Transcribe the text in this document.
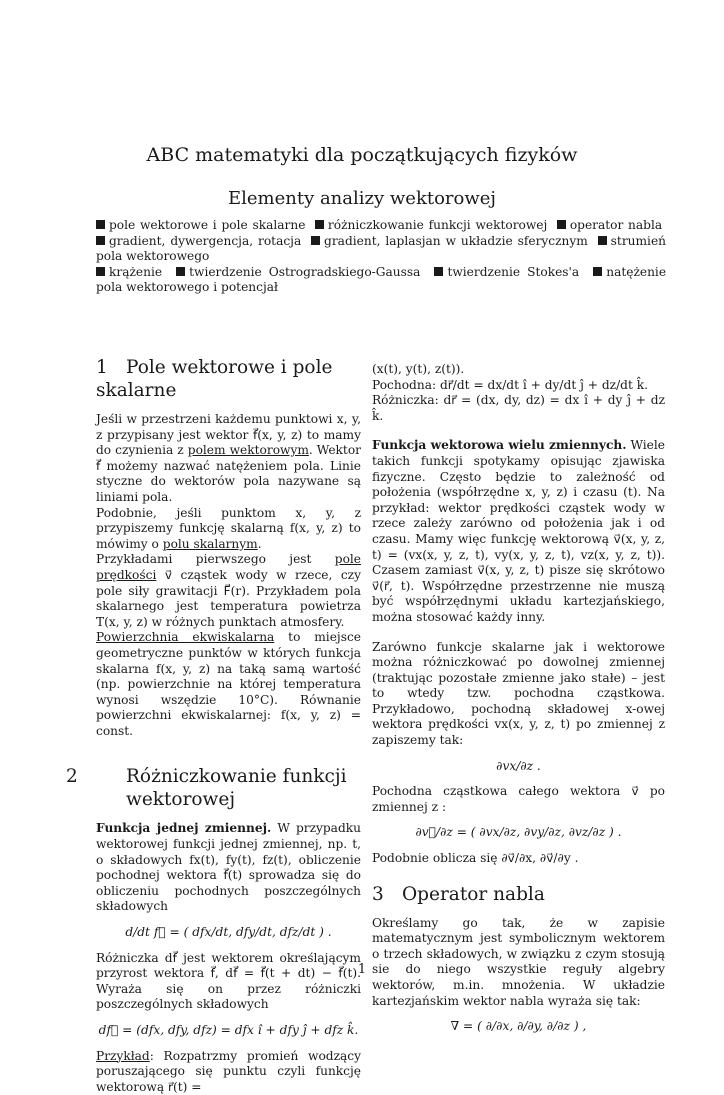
ABC matematyki dla początkujących fizyków
Elementy analizy wektorowej
pole wektorowe i pole skalarne różniczkowanie funkcji wektorowej operator nabla  gradient, dywergencja, rotacja gradient, laplasjan w układzie sferycznym strumień pola wektorowego
krążenie twierdzenie Ostrogradskiego-Gaussa twierdzenie Stokes'a natężenie pola wektorowego i potencjał
1 Pole wektorowe i pole skalarne

Jeśli w przestrzeni każdemu punktowi x, y, z przypisany jest wektor f⃗(x, y, z) to mamy do czynienia z polem wektorowym. Wektor f⃗ możemy nazwać natężeniem pola. Linie styczne do wektorów pola nazywane są liniami pola.

Podobnie, jeśli punktom x, y, z przypiszemy funkcję skalarną f(x, y, z) to mówimy o polu skalarnym.

Przykładami pierwszego jest pole prędkości v⃗ cząstek wody w rzece, czy pole siły grawitacji F⃗(r). Przykładem pola skalarnego jest temperatura powietrza T(x, y, z) w różnych punktach atmosfery.

Powierzchnia ekwiskalarna to miejsce geometryczne punktów w których funkcja skalarna f(x, y, z) na taką samą wartość (np. powierzchnie na której temperatura wynosi wszędzie 10°C). Równanie powierzchni ekwiskalarnej: f(x, y, z) = const.

2	Różniczkowanie funkcji wektorowej

Funkcja jednej zmiennej. W przypadku wektorowej funkcji jednej zmiennej, np. t, o składowych fx(t), fy(t), fz(t), obliczenie pochodnej wektora f⃗(t) sprowadza się do obliczeniu pochodnych poszczególnych składowych

d/dt f⃗ = ( dfx/dt, dfy/dt, dfz/dt ) .

Różniczka df⃗ jest wektorem określającym przyrost wektora f⃗, df⃗ = f⃗(t + dt) − f⃗(t). Wyraża się on przez różniczki poszczególnych składowych

df⃗ = (dfx, dfy, dfz) = dfx î + dfy ĵ + dfz k̂.

Przykład: Rozpatrzmy promień wodzący poruszającego się punktu czyli funkcję wektorową r⃗(t) =

(x(t), y(t), z(t)).

Pochodna: dr⃗/dt = dx/dt î + dy/dt ĵ + dz/dt k̂.

Różniczka: dr⃗ = (dx, dy, dz) = dx î + dy ĵ + dz k̂.

Funkcja wektorowa wielu zmiennych. Wiele takich funkcji spotykamy opisując zjawiska fizyczne. Często będzie to zależność od położenia (współrzędne x, y, z) i czasu (t). Na przykład: wektor prędkości cząstek wody w rzece zależy zarówno od położenia jak i od czasu. Mamy więc funkcję wektorową v⃗(x, y, z, t) = (vx(x, y, z, t), vy(x, y, z, t), vz(x, y, z, t)). Czasem zamiast v⃗(x, y, z, t) pisze się skrótowo v⃗(r⃗, t). Współrzędne przestrzenne nie muszą być współrzędnymi układu kartezjańskiego, można stosować każdy inny.

Zarówno funkcje skalarne jak i wektorowe można różniczkować po dowolnej zmiennej (traktując pozostałe zmienne jako stałe) – jest to wtedy tzw. pochodna cząstkowa. Przykładowo, pochodną składowej x-owej wektora prędkości vx(x, y, z, t) po zmiennej z zapiszemy tak:

∂vx/∂z .

Pochodna cząstkowa całego wektora v⃗ po zmiennej z :

∂v⃗/∂z = ( ∂vx/∂z, ∂vy/∂z, ∂vz/∂z ) .

Podobnie oblicza się ∂v⃗/∂x, ∂v⃗/∂y .

3 Operator nabla

Określamy go tak, że w zapisie matematycznym jest symbolicznym wektorem o trzech składowych, w związku z czym stosują sie do niego wszystkie reguły algebry wektorów, m.in. mnożenia. W układzie kartezjańskim wektor nabla wyraża się tak:

∇ = ( ∂/∂x, ∂/∂y, ∂/∂z ) ,
1
